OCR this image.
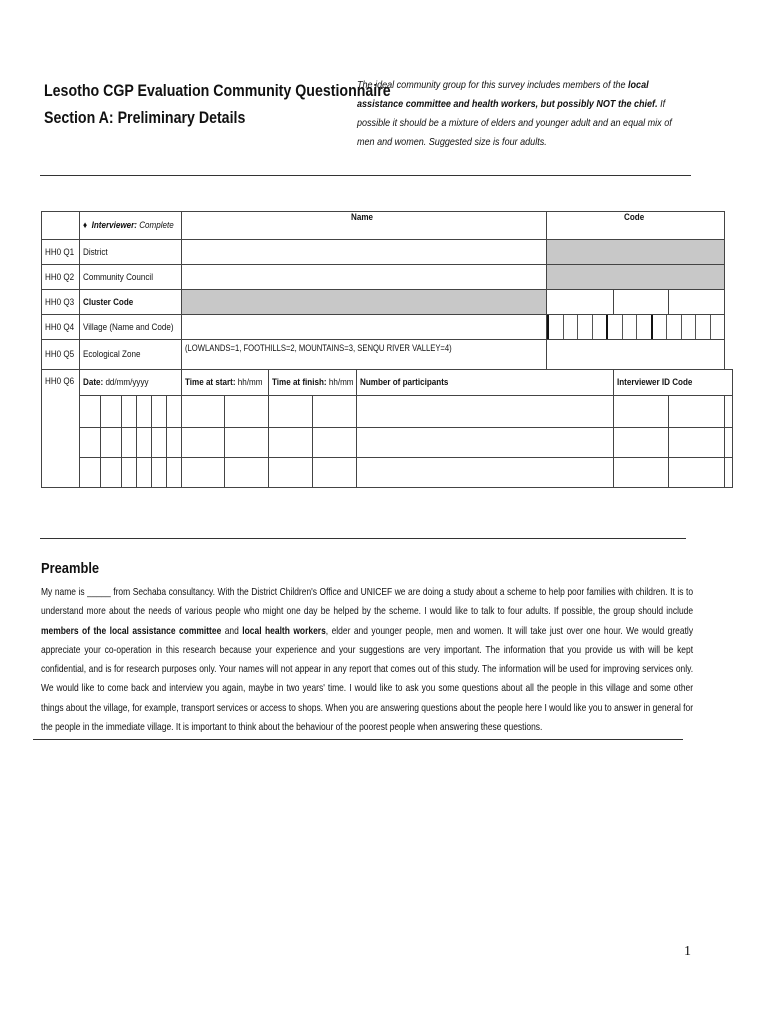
Lesotho CGP Evaluation Community Questionnaire
Section A: Preliminary Details
The ideal community group for this survey includes members of the local assistance committee and health workers, but possibly NOT the chief. If possible it should be a mixture of elders and younger adult and an equal mix of men and women. Suggested size is four adults.
	♦ Interviewer: Complete						Name					Code			
HH0 Q1	District														
HH0 Q2	Community Council														
HH0 Q3	Cluster Code														
HH0 Q4	Village (Name and Code)														

HH0 Q5	Ecological Zone						(LOWLANDS=1, FOOTHILLS=2, MOUNTAINS=3, SENQU RIVER VALLEY=4)								
HH0 Q6	Date: dd/mm/yyyy						Time at start: hh/mm		Time at finish: hh/mm		Number of participants		Interviewer ID Code		

Preamble
My name is _____ from Sechaba consultancy. With the District Children's Office and UNICEF we are doing a study about a scheme to help poor families with children. It is to understand more about the needs of various people who might one day be helped by the scheme. I would like to talk to four adults. If possible, the group should include members of the local assistance committee and local health workers, elder and younger people, men and women. It will take just over one hour. We would greatly appreciate your co-operation in this research because your experience and your suggestions are very important. The information that you provide us with will be kept confidential, and is for research purposes only. Your names will not appear in any report that comes out of this study. The information will be used for improving services only. We would like to come back and interview you again, maybe in two years' time. I would like to ask you some questions about all the people in this village and some other things about the village, for example, transport services or access to shops. When you are answering questions about the people here I would like you to answer in general for the people in the immediate village. It is important to think about the behaviour of the poorest people when answering these questions.
1
